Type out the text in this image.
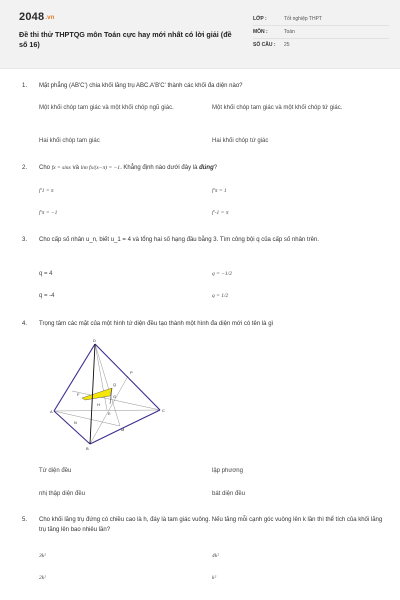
2048.vn
Đề thi thử THPTQG môn Toán cực hay mới nhất có lời giải (đề số 16)
LỚP :	Tốt nghiệp THPT
MÔN :	Toán
SỐ CÂU :	25
1. Mặt phẳng (AB'C') chia khối lăng trụ ABC.A'B'C' thành các khối đa diện nào?
Một khối chóp tam giác và một khối chóp ngũ giác.	Một khối chóp tam giác và một khối chóp tứ giác.
Hai khối chóp tam giác	Hai khối chóp tứ giác
2. Cho fx = sinx và lim fx/(x−π) = −1. Khẳng định nào dưới đây là đúng?
f'1 = π	f'π = 1
f'π = −1	f'-1 = π
3. Cho cấp số nhân u_n, biết u_1 = 4 và tổng hai số hạng đầu bằng 3. Tìm công bội q của cấp số nhân trên.
q = 4	q = −1/2
q = -4	q = 1/2
4. Trọng tâm các mặt của một hình tứ diện đều tạo thành một hình đa diện mới có tên là gì
D
A
B
C
F
Q
G
M
N
E
P
H
Tứ diện đều	lập phương
nhị thập diện đều	bát diện đều
5. Cho khối lăng trụ đứng có chiều cao là h, đáy là tam giác vuông. Nếu tăng mỗi cạnh góc vuông lên k lần thì thể tích của khối lăng trụ tăng lên bao nhiêu lần?
3k²	4k²
2k²	k²
